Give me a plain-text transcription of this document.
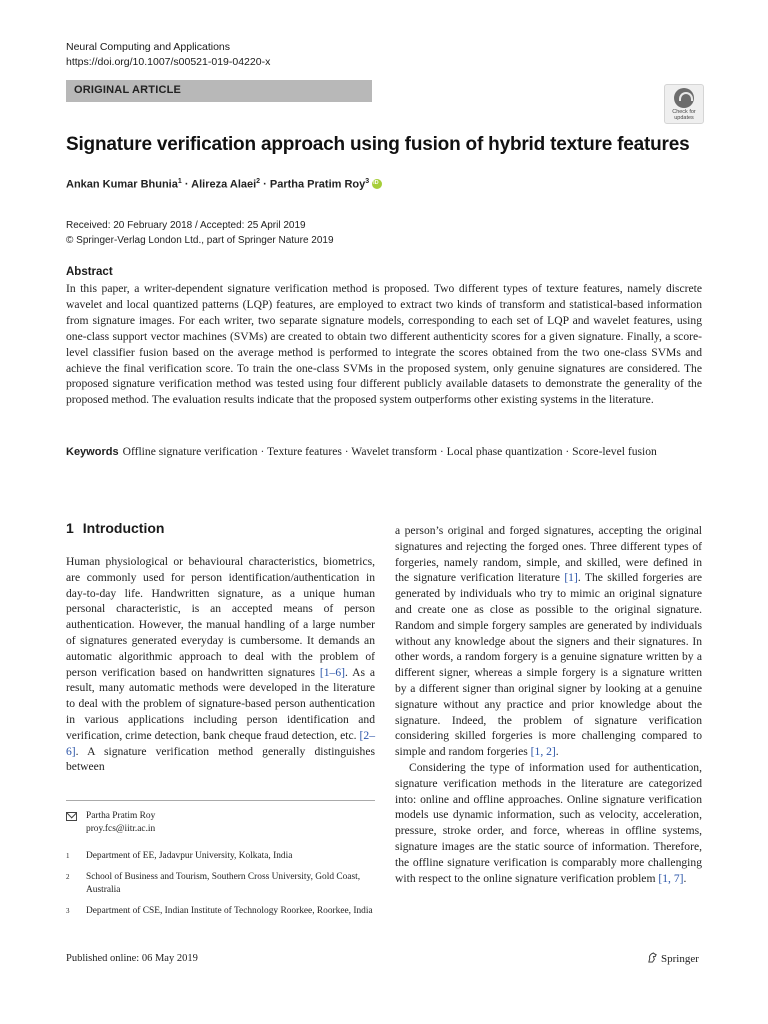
Neural Computing and Applications
https://doi.org/10.1007/s00521-019-04220-x
ORIGINAL ARTICLE
Check for
updates
Signature verification approach using fusion of hybrid texture features
Ankan Kumar Bhunia$^1$ · Alireza Alaei$^2$ · Partha Pratim Roy$^3$iD
Received: 20 February 2018 / Accepted: 25 April 2019
© Springer-Verlag London Ltd., part of Springer Nature 2019
Abstract
In this paper, a writer-dependent signature verification method is proposed. Two different types of texture features, namely discrete wavelet and local quantized patterns (LQP) features, are employed to extract two kinds of transform and statistical-based information from signature images. For each writer, two separate signature models, corresponding to each set of LQP and wavelet features, using one-class support vector machines (SVMs) are created to obtain two different authenticity scores for a given signature. Finally, a score-level classifier fusion based on the average method is performed to integrate the scores obtained from the two one-class SVMs and achieve the final verification score. To train the one-class SVMs in the proposed system, only genuine signatures are considered. The proposed signature verification method was tested using four different publicly available datasets to demonstrate the generality of the proposed method. The evaluation results indicate that the proposed system outperforms other existing systems in the literature.
Keywords Offline signature verification · Texture features · Wavelet transform · Local phase quantization · Score-level fusion
1 Introduction

Human physiological or behavioural characteristics, biometrics, are commonly used for person identification/authentication in day-to-day life. Handwritten signature, as a unique human personal characteristic, is an accepted means of person authentication. However, the manual handling of a large number of signatures generated everyday is cumbersome. It demands an automatic algorithmic approach to deal with the problem of person verification based on handwritten signatures [1–6]. As a result, many automatic methods were developed in the literature to deal with the problem of signature-based person authentication in various applications including person identification and verification, crime detection, bank cheque fraud detection, etc. [2–6]. A signature verification method generally distinguishes between

a person’s original and forged signatures, accepting the original signatures and rejecting the forged ones. Three different types of forgeries, namely random, simple, and skilled, were defined in the signature verification literature [1]. The skilled forgeries are generated by individuals who try to mimic an original signature and create one as close as possible to the original signature. Random and simple forgery samples are generated by individuals without any knowledge about the signers and their signatures. In other words, a random forgery is a genuine signature written by a different signer, whereas a simple forgery is a signature written by a different signer than original signer by looking at a genuine signature without any practice and prior knowledge about the signature. Indeed, the problem of signature verification considering skilled forgeries is more challenging compared to simple and random forgeries [1, 2].

Considering the type of information used for authentication, signature verification methods in the literature are categorized into: online and offline approaches. Online signature verification models use dynamic information, such as velocity, acceleration, pressure, stroke order, and force, whereas in offline systems, signature images are the static source of information. Therefore, the offline signature verification is comparably more challenging with respect to the online signature verification problem [1, 7].

Partha Pratim Roy
proy.fcs@iitr.ac.in
1 Department of EE, Jadavpur University, Kolkata, India
2 School of Business and Tourism, Southern Cross University, Gold Coast, Australia
3 Department of CSE, Indian Institute of Technology Roorkee, Roorkee, India
Published online: 06 May 2019	Springer
